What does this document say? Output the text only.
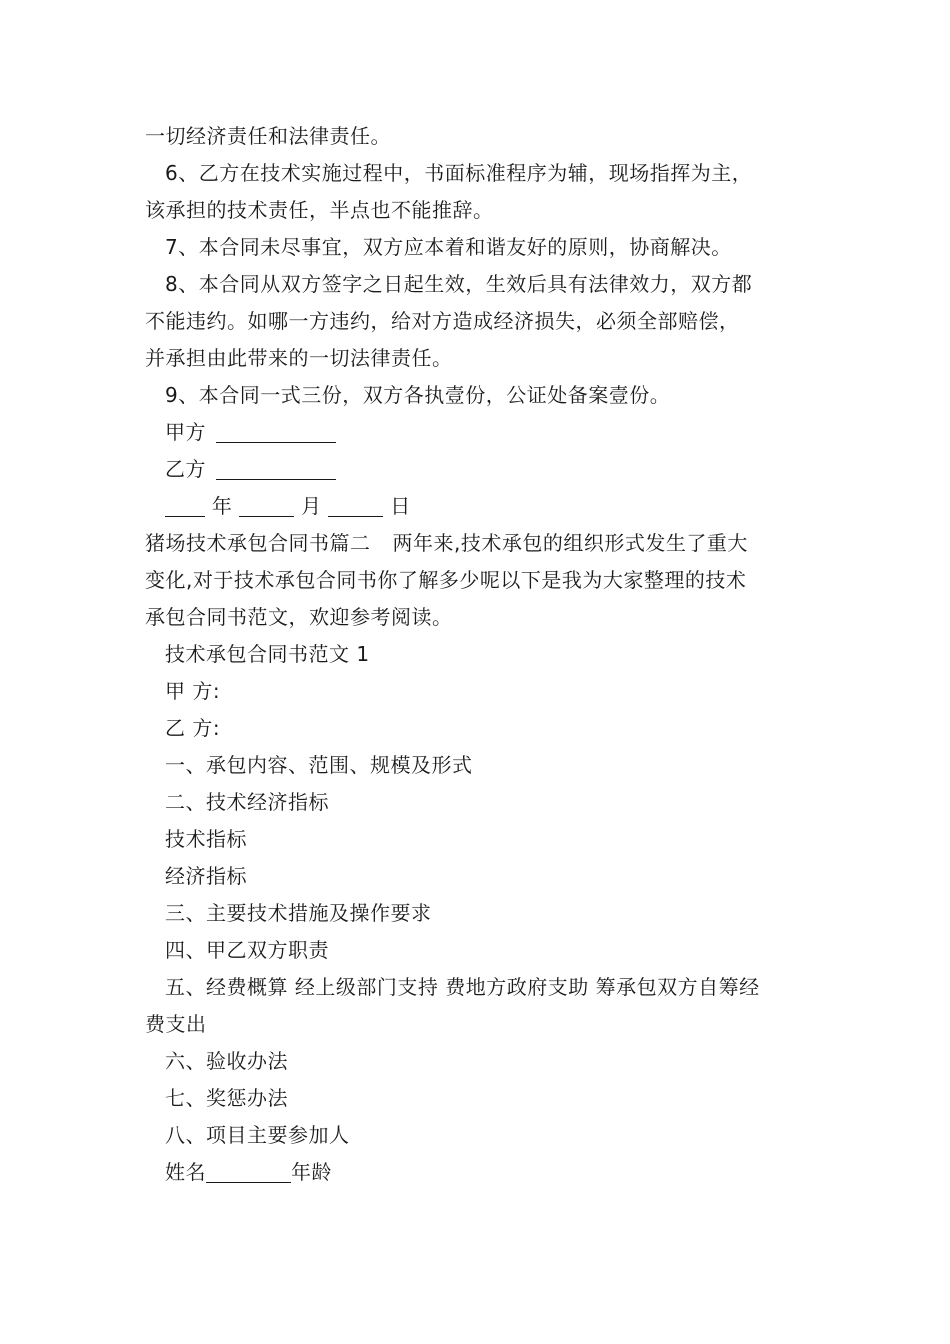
一切经济责任和法律责任。
6、乙方在技术实施过程中，书面标准程序为辅，现场指挥为主，
该承担的技术责任，半点也不能推辞。
7、本合同未尽事宜，双方应本着和谐友好的原则，协商解决。
8、本合同从双方签字之日起生效，生效后具有法律效力，双方都
不能违约。如哪一方违约，给对方造成经济损失，必须全部赔偿，
并承担由此带来的一切法律责任。
9、本合同一式三份，双方各执壹份，公证处备案壹份。
甲方
乙方
年	月	日
猪场技术承包合同书篇二 两年来,技术承包的组织形式发生了重大
变化,对于技术承包合同书你了解多少呢以下是我为大家整理的技术
承包合同书范文，欢迎参考阅读。
技术承包合同书范文 1
甲 方:
乙 方:
一、承包内容、范围、规模及形式
二、技术经济指标
技术指标
经济指标
三、主要技术措施及操作要求
四、甲乙双方职责
五、经费概算 经上级部门支持 费地方政府支助 筹承包双方自筹经
费支出
六、验收办法
七、奖惩办法
八、项目主要参加人
姓名	年龄
